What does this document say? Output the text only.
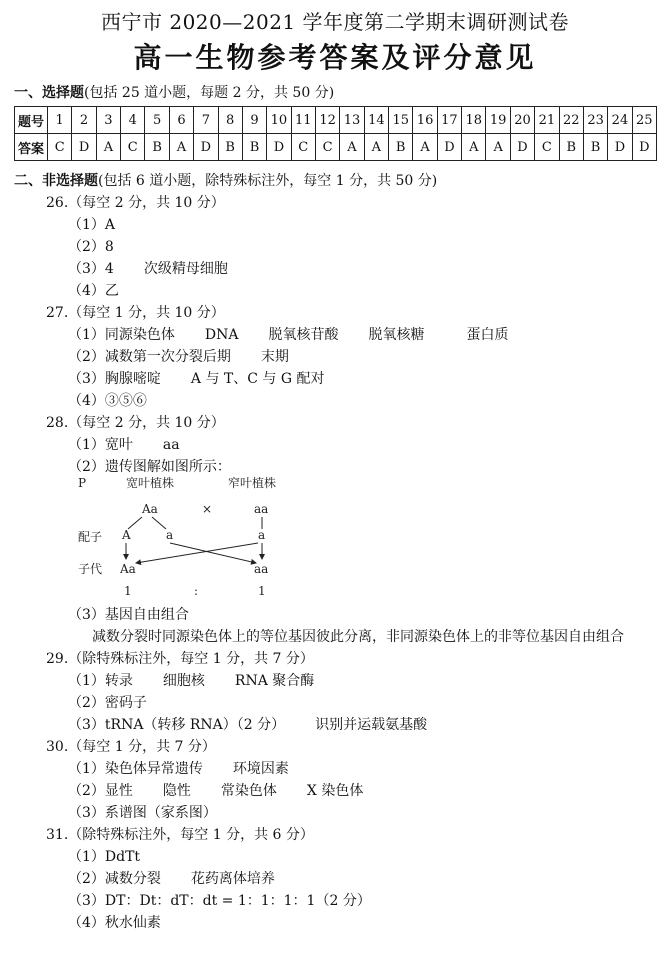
西宁市 2020—2021 学年度第二学期末调研测试卷
高一生物参考答案及评分意见
一、选择题(包括 25 道小题，每题 2 分，共 50 分)
题号	1	2	3	4	5	6	7	8	9	10	11	12	13	14	15	16	17	18	19	20	21	22	23	24	25
答案	C	D	A	C	B	A	D	B	B	D	C	C	A	A	B	A	D	A	A	D	C	B	B	D	D
二、非选择题(包括 6 道小题，除特殊标注外，每空 1 分，共 50 分)
26.（每空 2 分，共 10 分）
（1）A
（2）8
（3）4 次级精母细胞
（4）乙
27.（每空 1 分，共 10 分）
（1）同源染色体 DNA 脱氧核苷酸 脱氧核糖	蛋白质
（2）减数第一次分裂后期 末期
（3）胸腺嘧啶 A 与 T、C 与 G 配对
（4）③⑤⑥
28.（每空 2 分，共 10 分）
（1）宽叶 aa
（2）遗传图解如图所示：
P	宽叶植株	窄叶植株
Aa	×	aa
配子 A	a	a
子代 Aa	aa
1	:	1
（3）基因自由组合
减数分裂时同源染色体上的等位基因彼此分离，非同源染色体上的非等位基因自由组合
29.（除特殊标注外，每空 1 分，共 7 分）
（1）转录 细胞核 RNA 聚合酶
（2）密码子
（3）tRNA（转移 RNA）（2 分） 识别并运载氨基酸
30.（每空 1 分，共 7 分）
（1）染色体异常遗传 环境因素
（2）显性 隐性 常染色体 X 染色体
（3）系谱图（家系图）
31.（除特殊标注外，每空 1 分，共 6 分）
（1）DdTt
（2）减数分裂 花药离体培养
（3）DT：Dt：dT：dt = 1：1：1：1（2 分）
（4）秋水仙素
